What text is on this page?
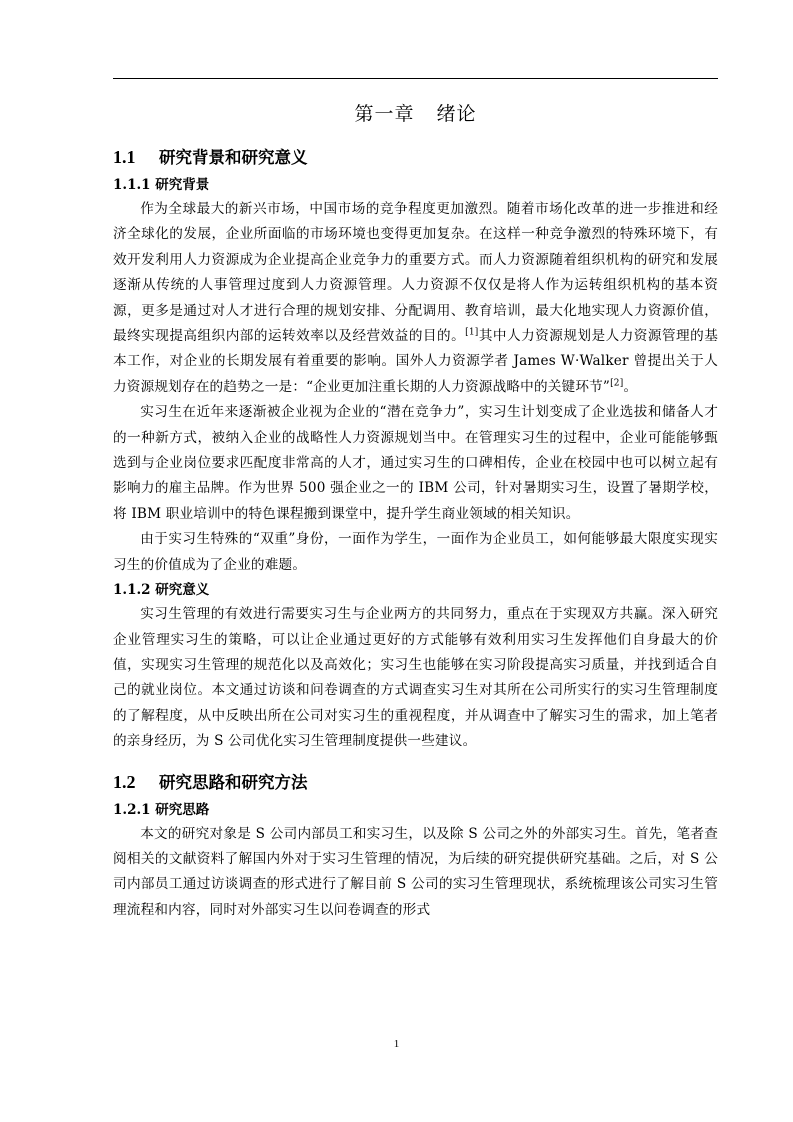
第一章 绪论
1.1 研究背景和研究意义
1.1.1 研究背景

作为全球最大的新兴市场，中国市场的竞争程度更加激烈。随着市场化改革的进一步推进和经济全球化的发展，企业所面临的市场环境也变得更加复杂。在这样一种竞争激烈的特殊环境下，有效开发利用人力资源成为企业提高企业竞争力的重要方式。而人力资源随着组织机构的研究和发展逐渐从传统的人事管理过度到人力资源管理。人力资源不仅仅是将人作为运转组织机构的基本资源，更多是通过对人才进行合理的规划安排、分配调用、教育培训，最大化地实现人力资源价值，最终实现提高组织内部的运转效率以及经营效益的目的。[1]其中人力资源规划是人力资源管理的基本工作，对企业的长期发展有着重要的影响。国外人力资源学者 James W·Walker 曾提出关于人力资源规划存在的趋势之一是：“企业更加注重长期的人力资源战略中的关键环节”[2]。

实习生在近年来逐渐被企业视为企业的“潜在竞争力”，实习生计划变成了企业选拔和储备人才的一种新方式，被纳入企业的战略性人力资源规划当中。在管理实习生的过程中，企业可能能够甄选到与企业岗位要求匹配度非常高的人才，通过实习生的口碑相传，企业在校园中也可以树立起有影响力的雇主品牌。作为世界 500 强企业之一的 IBM 公司，针对暑期实习生，设置了暑期学校，将 IBM 职业培训中的特色课程搬到课堂中，提升学生商业领域的相关知识。

由于实习生特殊的“双重”身份，一面作为学生，一面作为企业员工，如何能够最大限度实现实习生的价值成为了企业的难题。

1.1.2 研究意义

实习生管理的有效进行需要实习生与企业两方的共同努力，重点在于实现双方共赢。深入研究企业管理实习生的策略，可以让企业通过更好的方式能够有效利用实习生发挥他们自身最大的价值，实现实习生管理的规范化以及高效化；实习生也能够在实习阶段提高实习质量，并找到适合自己的就业岗位。本文通过访谈和问卷调查的方式调查实习生对其所在公司所实行的实习生管理制度的了解程度，从中反映出所在公司对实习生的重视程度，并从调查中了解实习生的需求，加上笔者的亲身经历，为 S 公司优化实习生管理制度提供一些建议。

1.2 研究思路和研究方法
1.2.1 研究思路

本文的研究对象是 S 公司内部员工和实习生，以及除 S 公司之外的外部实习生。首先，笔者查阅相关的文献资料了解国内外对于实习生管理的情况，为后续的研究提供研究基础。之后，对 S 公司内部员工通过访谈调查的形式进行了解目前 S 公司的实习生管理现状，系统梳理该公司实习生管理流程和内容，同时对外部实习生以问卷调查的形式

1
